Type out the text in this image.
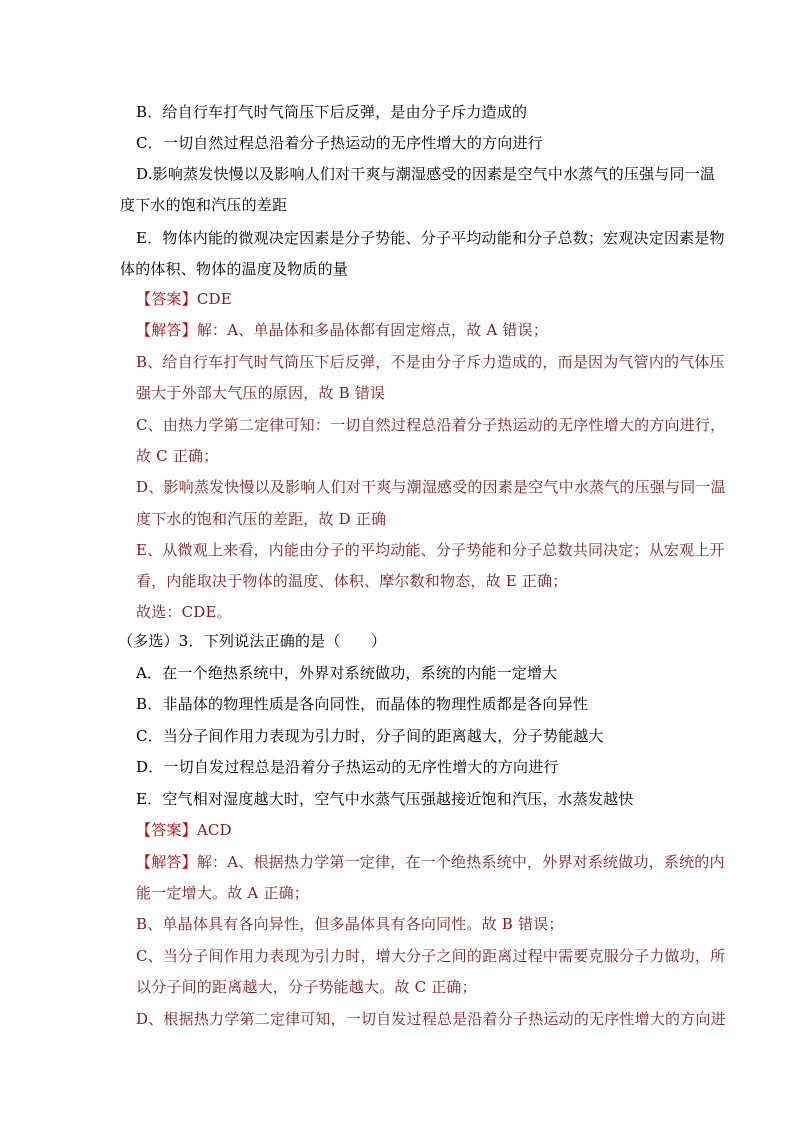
B．给自行车打气时气筒压下后反弹，是由分子斥力造成的
C．一切自然过程总沿着分子热运动的无序性增大的方向进行
D.影响蒸发快慢以及影响人们对干爽与潮湿感受的因素是空气中水蒸气的压强与同一温
度下水的饱和汽压的差距
E．物体内能的微观决定因素是分子势能、分子平均动能和分子总数；宏观决定因素是物
体的体积、物体的温度及物质的量
【答案】CDE
【解答】解：A、单晶体和多晶体都有固定熔点，故 A 错误；
B、给自行车打气时气筒压下后反弹，不是由分子斥力造成的，而是因为气管内的气体压
强大于外部大气压的原因，故 B 错误
C、由热力学第二定律可知：一切自然过程总沿着分子热运动的无序性增大的方向进行，
故 C 正确；
D、影响蒸发快慢以及影响人们对干爽与潮湿感受的因素是空气中水蒸气的压强与同一温
度下水的饱和汽压的差距，故 D 正确
E、从微观上来看，内能由分子的平均动能、分子势能和分子总数共同决定；从宏观上开
看，内能取决于物体的温度、体积、摩尔数和物态，故 E 正确；
故选：CDE。
（多选）3．下列说法正确的是（　　）
A．在一个绝热系统中，外界对系统做功，系统的内能一定增大
B．非晶体的物理性质是各向同性，而晶体的物理性质都是各向异性
C．当分子间作用力表现为引力时，分子间的距离越大，分子势能越大
D．一切自发过程总是沿着分子热运动的无序性增大的方向进行
E．空气相对湿度越大时，空气中水蒸气压强越接近饱和汽压，水蒸发越快
【答案】ACD
【解答】解：A、根据热力学第一定律，在一个绝热系统中，外界对系统做功，系统的内
能一定增大。故 A 正确；
B、单晶体具有各向异性，但多晶体具有各向同性。故 B 错误；
C、当分子间作用力表现为引力时，增大分子之间的距离过程中需要克服分子力做功，所
以分子间的距离越大，分子势能越大。故 C 正确；
D、根据热力学第二定律可知，一切自发过程总是沿着分子热运动的无序性增大的方向进
